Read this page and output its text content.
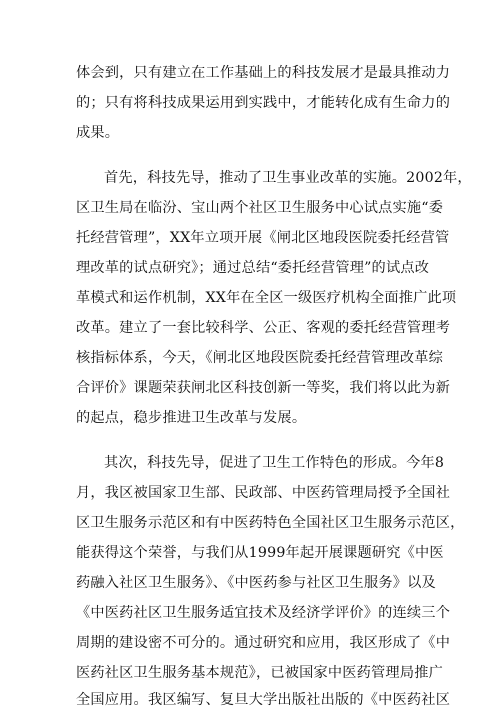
体会到，只有建立在工作基础上的科技发展才是最具推动力
的；只有将科技成果运用到实践中，才能转化成有生命力的
成果。
首先，科技先导，推动了卫生事业改革的实施。2002年，
区卫生局在临汾、宝山两个社区卫生服务中心试点实施“委
托经营管理”，XX年立项开展《闸北区地段医院委托经营管
理改革的试点研究》；通过总结“委托经营管理”的试点改
革模式和运作机制，XX年在全区一级医疗机构全面推广此项
改革。建立了一套比较科学、公正、客观的委托经营管理考
核指标体系，今天，《闸北区地段医院委托经营管理改革综
合评价》课题荣获闸北区科技创新一等奖，我们将以此为新
的起点，稳步推进卫生改革与发展。
其次，科技先导，促进了卫生工作特色的形成。今年8
月，我区被国家卫生部、民政部、中医药管理局授予全国社
区卫生服务示范区和有中医药特色全国社区卫生服务示范区，
能获得这个荣誉，与我们从1999年起开展课题研究《中医
药融入社区卫生服务》、《中医药参与社区卫生服务》以及
《中医药社区卫生服务适宜技术及经济学评价》的连续三个
周期的建设密不可分的。通过研究和应用，我区形成了《中
医药社区卫生服务基本规范》，已被国家中医药管理局推广
全国应用。我区编写、复旦大学出版社出版的《中医药社区
